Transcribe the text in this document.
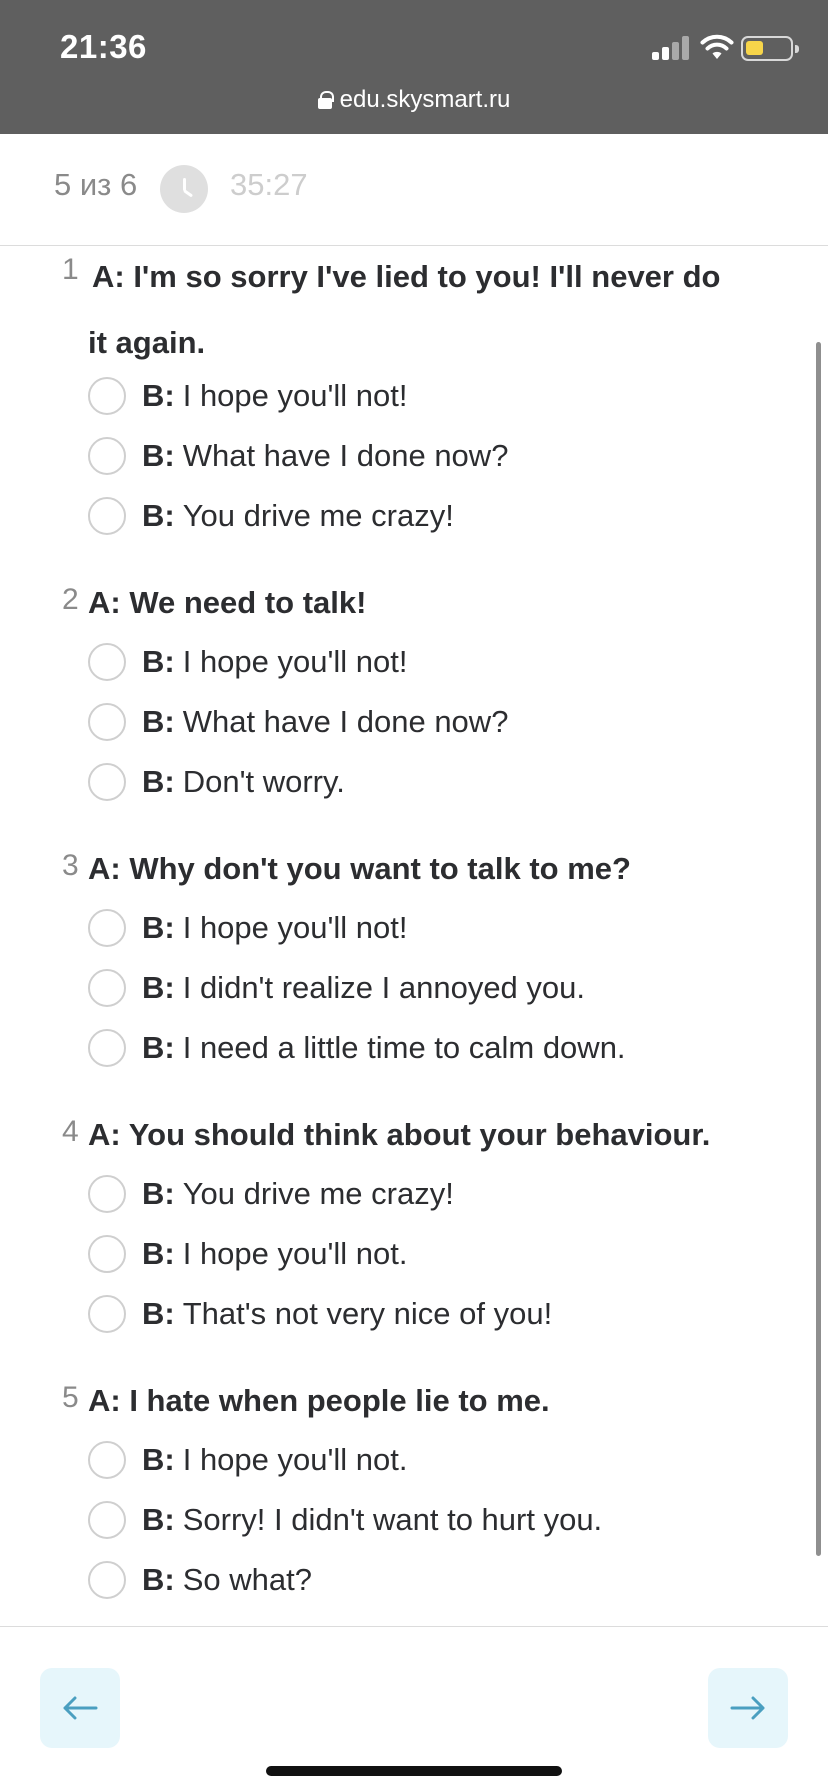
21:36
edu.skysmart.ru
5 из 6	35:27
1 A: I'm so sorry I've lied to you! I'll never do it again.
B: I hope you'll not!
B: What have I done now?
B: You drive me crazy!
2 A: We need to talk!
B: I hope you'll not!
B: What have I done now?
B: Don't worry.
3 A: Why don't you want to talk to me?
B: I hope you'll not!
B: I didn't realize I annoyed you.
B: I need a little time to calm down.
4 A: You should think about your behaviour.
B: You drive me crazy!
B: I hope you'll not.
B: That's not very nice of you!
5 A: I hate when people lie to me.
B: I hope you'll not.
B: Sorry! I didn't want to hurt you.
B: So what?
